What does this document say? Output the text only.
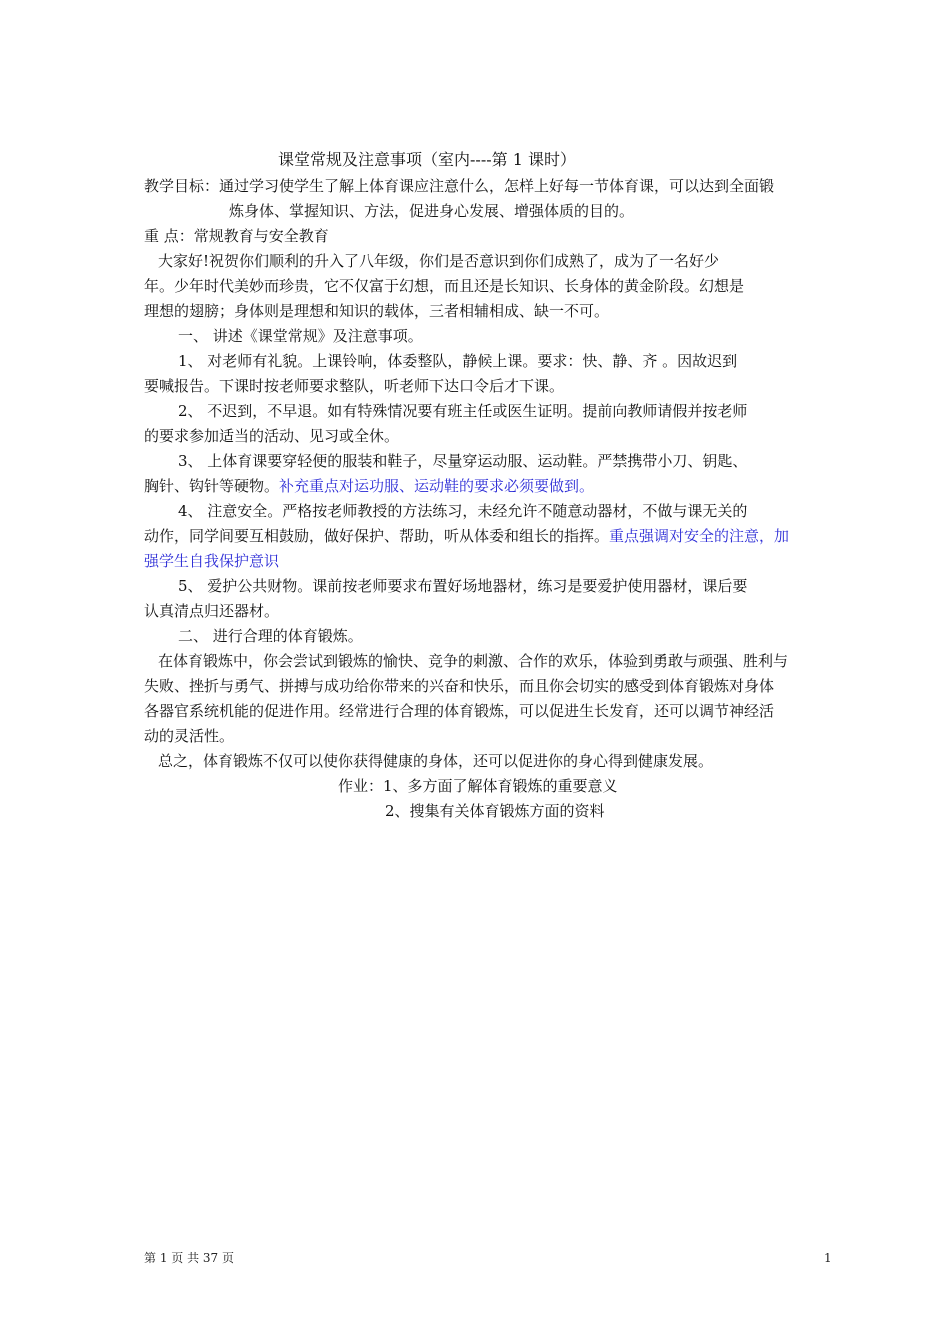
课堂常规及注意事项（室内----第 1 课时）
教学目标：通过学习使学生了解上体育课应注意什么，怎样上好每一节体育课，可以达到全面锻
炼身体、掌握知识、方法，促进身心发展、增强体质的目的。
重 点：常规教育与安全教育
大家好!祝贺你们顺利的升入了八年级，你们是否意识到你们成熟了，成为了一名好少
年。少年时代美妙而珍贵，它不仅富于幻想，而且还是长知识、长身体的黄金阶段。幻想是
理想的翅膀；身体则是理想和知识的载体，三者相辅相成、缺一不可。
一、 讲述《课堂常规》及注意事项。
1、 对老师有礼貌。上课铃响，体委整队，静候上课。要求：快、静、齐 。因故迟到
要喊报告。下课时按老师要求整队，听老师下达口令后才下课。
2、 不迟到，不早退。如有特殊情况要有班主任或医生证明。提前向教师请假并按老师
的要求参加适当的活动、见习或全休。
3、 上体育课要穿轻便的服装和鞋子，尽量穿运动服、运动鞋。严禁携带小刀、钥匙、
胸针、钩针等硬物。补充重点对运功服、运动鞋的要求必须要做到。
4、 注意安全。严格按老师教授的方法练习，未经允许不随意动器材，不做与课无关的
动作，同学间要互相鼓励，做好保护、帮助，听从体委和组长的指挥。重点强调对安全的注意，加
强学生自我保护意识
5、 爱护公共财物。课前按老师要求布置好场地器材，练习是要爱护使用器材，课后要
认真清点归还器材。
二、 进行合理的体育锻炼。
在体育锻炼中，你会尝试到锻炼的愉快、竞争的刺激、合作的欢乐，体验到勇敢与顽强、胜利与
失败、挫折与勇气、拼搏与成功给你带来的兴奋和快乐，而且你会切实的感受到体育锻炼对身体
各器官系统机能的促进作用。经常进行合理的体育锻炼，可以促进生长发育，还可以调节神经活
动的灵活性。
总之，体育锻炼不仅可以使你获得健康的身体，还可以促进你的身心得到健康发展。
作业：1、多方面了解体育锻炼的重要意义
2、搜集有关体育锻炼方面的资料
第 1 页 共 37 页	1
